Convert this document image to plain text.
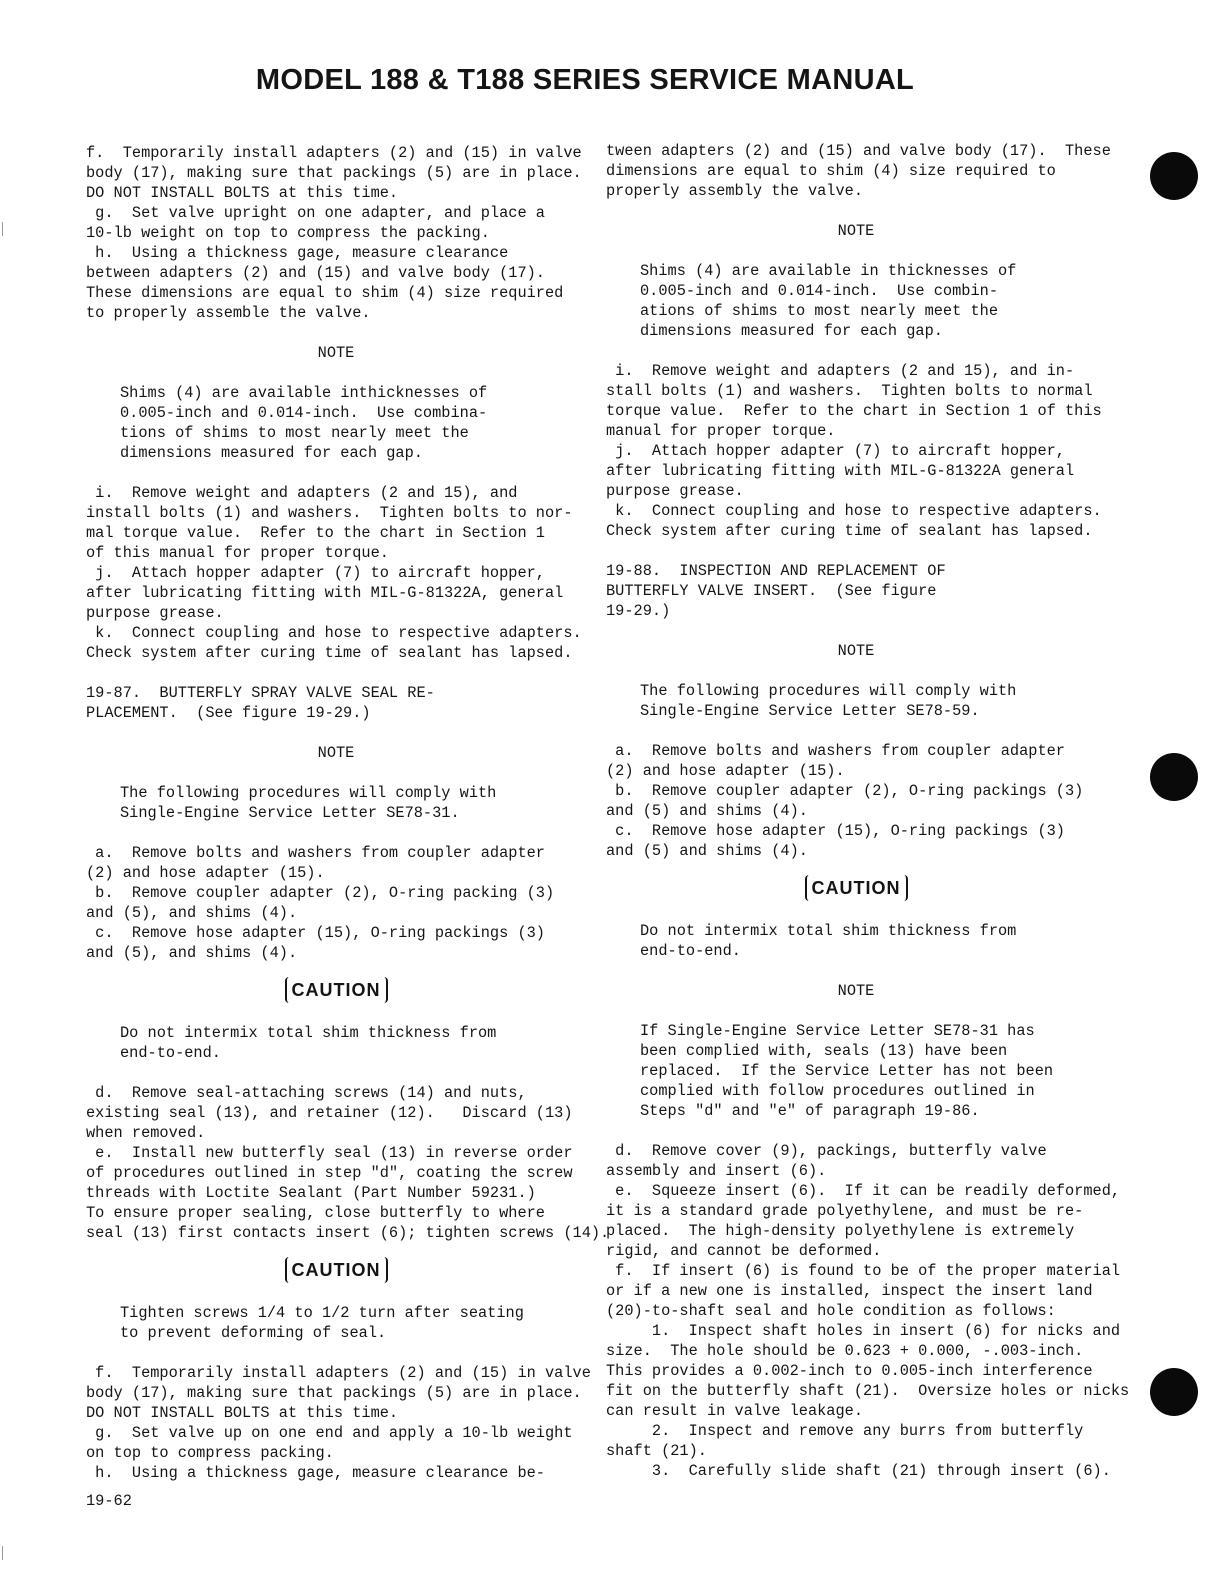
MODEL 188 & T188 SERIES SERVICE MANUAL

f.  Temporarily install adapters (2) and (15) in valve

body (17), making sure that packings (5) are in place.

DO NOT INSTALL BOLTS at this time.

g.  Set valve upright on one adapter, and place a

10-lb weight on top to compress the packing.

h.  Using a thickness gage, measure clearance

between adapters (2) and (15) and valve body (17).

These dimensions are equal to shim (4) size required

to properly assemble the valve.

NOTE

Shims (4) are available inthicknesses of

0.005-inch and 0.014-inch.  Use combina-

tions of shims to most nearly meet the

dimensions measured for each gap.

i.  Remove weight and adapters (2 and 15), and

install bolts (1) and washers.  Tighten bolts to nor-

mal torque value.  Refer to the chart in Section 1

of this manual for proper torque.

j.  Attach hopper adapter (7) to aircraft hopper,

after lubricating fitting with MIL-G-81322A, general

purpose grease.

k.  Connect coupling and hose to respective adapters.

Check system after curing time of sealant has lapsed.

19-87.  BUTTERFLY SPRAY VALVE SEAL RE-

PLACEMENT.  (See figure 19-29.)

NOTE

The following procedures will comply with

Single-Engine Service Letter SE78-31.

a.  Remove bolts and washers from coupler adapter

(2) and hose adapter (15).

b.  Remove coupler adapter (2), O-ring packing (3)

and (5), and shims (4).

c.  Remove hose adapter (15), O-ring packings (3)

and (5), and shims (4).

CAUTION

Do not intermix total shim thickness from

end-to-end.

d.  Remove seal-attaching screws (14) and nuts,

existing seal (13), and retainer (12).   Discard (13)

when removed.

e.  Install new butterfly seal (13) in reverse order

of procedures outlined in step "d", coating the screw

threads with Loctite Sealant (Part Number 59231.)

To ensure proper sealing, close butterfly to where

seal (13) first contacts insert (6); tighten screws (14).

CAUTION

Tighten screws 1/4 to 1/2 turn after seating

to prevent deforming of seal.

f.  Temporarily install adapters (2) and (15) in valve

body (17), making sure that packings (5) are in place.

DO NOT INSTALL BOLTS at this time.

g.  Set valve up on one end and apply a 10-lb weight

on top to compress packing.

h.  Using a thickness gage, measure clearance be-

tween adapters (2) and (15) and valve body (17).  These

dimensions are equal to shim (4) size required to

properly assembly the valve.

NOTE

Shims (4) are available in thicknesses of

0.005-inch and 0.014-inch.  Use combin-

ations of shims to most nearly meet the

dimensions measured for each gap.

i.  Remove weight and adapters (2 and 15), and in-

stall bolts (1) and washers.  Tighten bolts to normal

torque value.  Refer to the chart in Section 1 of this

manual for proper torque.

j.  Attach hopper adapter (7) to aircraft hopper,

after lubricating fitting with MIL-G-81322A general

purpose grease.

k.  Connect coupling and hose to respective adapters.

Check system after curing time of sealant has lapsed.

19-88.  INSPECTION AND REPLACEMENT OF

BUTTERFLY VALVE INSERT.  (See figure

19-29.)

NOTE

The following procedures will comply with

Single-Engine Service Letter SE78-59.

a.  Remove bolts and washers from coupler adapter

(2) and hose adapter (15).

b.  Remove coupler adapter (2), O-ring packings (3)

and (5) and shims (4).

c.  Remove hose adapter (15), O-ring packings (3)

and (5) and shims (4).

CAUTION

Do not intermix total shim thickness from

end-to-end.

NOTE

If Single-Engine Service Letter SE78-31 has

been complied with, seals (13) have been

replaced.  If the Service Letter has not been

complied with follow procedures outlined in

Steps "d" and "e" of paragraph 19-86.

d.  Remove cover (9), packings, butterfly valve

assembly and insert (6).

e.  Squeeze insert (6).  If it can be readily deformed,

it is a standard grade polyethylene, and must be re-

placed.  The high-density polyethylene is extremely

rigid, and cannot be deformed.

f.  If insert (6) is found to be of the proper material

or if a new one is installed, inspect the insert land

(20)-to-shaft seal and hole condition as follows:

1.  Inspect shaft holes in insert (6) for nicks and

size.  The hole should be 0.623 + 0.000, -.003-inch.

This provides a 0.002-inch to 0.005-inch interference

fit on the butterfly shaft (21).  Oversize holes or nicks

can result in valve leakage.

2.  Inspect and remove any burrs from butterfly

shaft (21).

3.  Carefully slide shaft (21) through insert (6).

19-62
